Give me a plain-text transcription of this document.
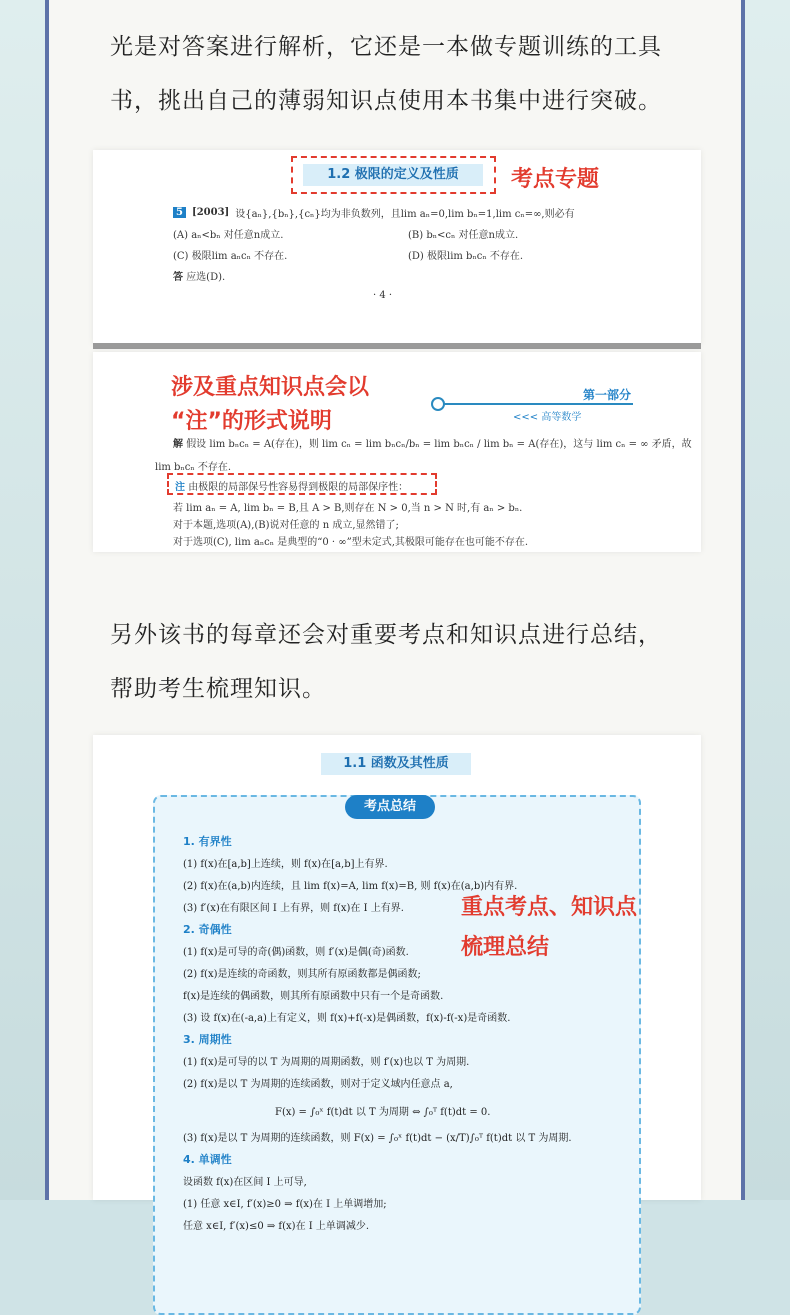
光是对答案进行解析，它还是一本做专题训练的工具
书，挑出自己的薄弱知识点使用本书集中进行突破。
1.2 极限的定义及性质	考点专题
5 [2003] 设{aₙ},{bₙ},{cₙ}均为非负数列，且lim aₙ=0,lim bₙ=1,lim cₙ=∞,则必有
(A) aₙ<bₙ 对任意n成立.	(B) bₙ<cₙ 对任意n成立.
(C) 极限lim aₙcₙ 不存在.	(D) 极限lim bₙcₙ 不存在.
答 应选(D).
· 4 ·
涉及重点知识点会以
“注”的形式说明
第一部分
<<< 高等数学
解 假设 lim bₙcₙ = A(存在)，则 lim cₙ = lim bₙcₙ/bₙ = lim bₙcₙ / lim bₙ = A(存在)，这与 lim cₙ = ∞ 矛盾，故
lim bₙcₙ 不存在.
注 由极限的局部保号性容易得到极限的局部保序性：
若 lim aₙ = A, lim bₙ = B,且 A > B,则存在 N > 0,当 n > N 时,有 aₙ > bₙ.
对于本题,选项(A),(B)说对任意的 n 成立,显然错了;
对于选项(C), lim aₙcₙ 是典型的“0 · ∞”型未定式,其极限可能存在也可能不存在.
另外该书的每章还会对重要考点和知识点进行总结，
帮助考生梳理知识。
1.1 函数及其性质
考点总结
1. 有界性
(1) f(x)在[a,b]上连续，则 f(x)在[a,b]上有界.
(2) f(x)在(a,b)内连续，且 lim f(x)=A, lim f(x)=B, 则 f(x)在(a,b)内有界.
(3) f′(x)在有限区间 I 上有界，则 f(x)在 I 上有界.
2. 奇偶性
(1) f(x)是可导的奇(偶)函数，则 f′(x)是偶(奇)函数.
(2) f(x)是连续的奇函数，则其所有原函数都是偶函数;
f(x)是连续的偶函数，则其所有原函数中只有一个是奇函数.
(3) 设 f(x)在(-a,a)上有定义，则 f(x)+f(-x)是偶函数，f(x)-f(-x)是奇函数.
3. 周期性
(1) f(x)是可导的以 T 为周期的周期函数，则 f′(x)也以 T 为周期.
(2) f(x)是以 T 为周期的连续函数，则对于定义域内任意点 a,
F(x) = ∫₀ˣ f(t)dt 以 T 为周期 ⇔ ∫₀ᵀ f(t)dt = 0.
(3) f(x)是以 T 为周期的连续函数，则 F(x) = ∫₀ˣ f(t)dt − (x/T)∫₀ᵀ f(t)dt 以 T 为周期.
4. 单调性
设函数 f(x)在区间 I 上可导,
(1) 任意 x∈I, f′(x)≥0 ⇒ f(x)在 I 上单调增加;
任意 x∈I, f′(x)≤0 ⇒ f(x)在 I 上单调减少.
重点考点、知识点
梳理总结
